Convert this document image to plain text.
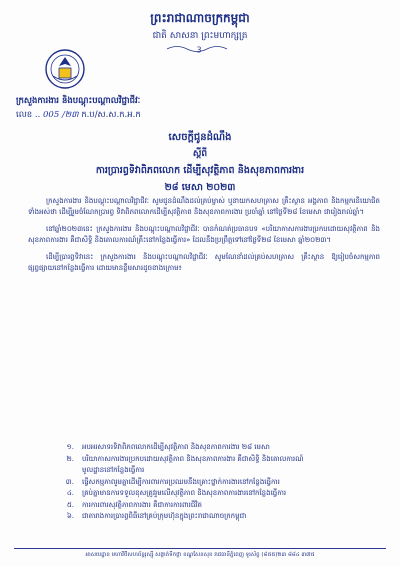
ព្រះរាជាណាចក្រកម្ពុជា
ជាតិ សាសនា ព្រះមហាក្សត្រ
3
ក្រសួងការងារ និងបណ្តុះបណ្តាលវិជ្ជាជីវៈ
លេខ .. 005 /២៣ ក.ប/ស.ស.ក.អ.ក
សេចក្តីជូនដំណឹង
ស្តីពី
ការប្រារព្ធទិវាពិភពលោក ដើម្បីសុវត្ថិភាព និងសុខភាពការងារ
២៨ មេសា ២០២៣

ក្រសួងការងារ និងបណ្តុះបណ្តាលវិជ្ជាជីវៈ សូមជូនដំណឹងដល់គ្រប់ម្ចាស់ ឬនាយកសហគ្រាស គ្រឹះស្ថាន អង្គភាព និងកម្មករនិយោជិត ទាំងអស់ថា ដើម្បីរួមចំណែកប្រារព្ធ ទិវាពិភពលោកដើម្បីសុវត្ថិភាព និងសុខភាពការងារ ប្រចាំឆ្នាំ នៅថ្ងៃទី២៨ ខែមេសា ជារៀងរាល់ឆ្នាំ។

នៅឆ្នាំ២០២៣នេះ ក្រសួងការងារ និងបណ្តុះបណ្តាលវិជ្ជាជីវៈ បានកំណត់ប្រធានបទ «បរិយាកាសការងារប្រកបដោយសុវត្ថិភាព និងសុខភាពការងារ គឺជាសិទ្ធិ និងគោលការណ៍គ្រឹះនៅកន្លែងធ្វើការ» ដែលនឹងប្រព្រឹត្តទៅនៅថ្ងៃទី២៨ ខែមេសា ឆ្នាំ២០២៣។

ដើម្បីប្រារព្ធទិវានេះ ក្រសួងការងារ និងបណ្តុះបណ្តាលវិជ្ជាជីវៈ សូមណែនាំដល់គ្រប់សហគ្រាស គ្រឹះស្ថាន ឱ្យរៀបចំសកម្មភាពផ្សព្វផ្សាយនៅកន្លែងធ្វើការ ដោយមានខ្លឹមសារដូចខាងក្រោម៖

១. អបអរសាទរទិវាពិភពលោកដើម្បីសុវត្ថិភាព និងសុខភាពការងារ ២៨ មេសា
២. បរិយាកាសការងារប្រកបដោយសុវត្ថិភាព និងសុខភាពការងារ គឺជាសិទ្ធិ និងគោលការណ៍
មូលដ្ឋាននៅកន្លែងធ្វើការ
៣. ធ្វើសកម្មភាពរួមគ្នាដើម្បីការពារការប្រឈមនឹងគ្រោះថ្នាក់ការងារនៅកន្លែងធ្វើការ
៤. គ្រប់គ្នាមានការទទួលខុសត្រូវរួមលើសុវត្ថិភាព និងសុខភាពការងារនៅកន្លែងធ្វើការ
៥. ការការពារសុវត្ថិភាពការងារ គឺជាការការពារជីវិត
៦. ជាតារាងការប្រារព្ធពិធីនៅគ្រប់ក្រុមហ៊ុនក្នុងព្រះរាជាណាចក្រកម្ពុជា
អាសយដ្ឋាន មហាវិថីសហព័ន្ធរុស្ស៊ី សង្កាត់ទឹកថ្លា ខណ្ឌសែនសុខ រាជធានីភ្នំពេញ ទូរស័ព្ទ (៨៥៥)២៣ ៨៨៤ ៣៧៥
